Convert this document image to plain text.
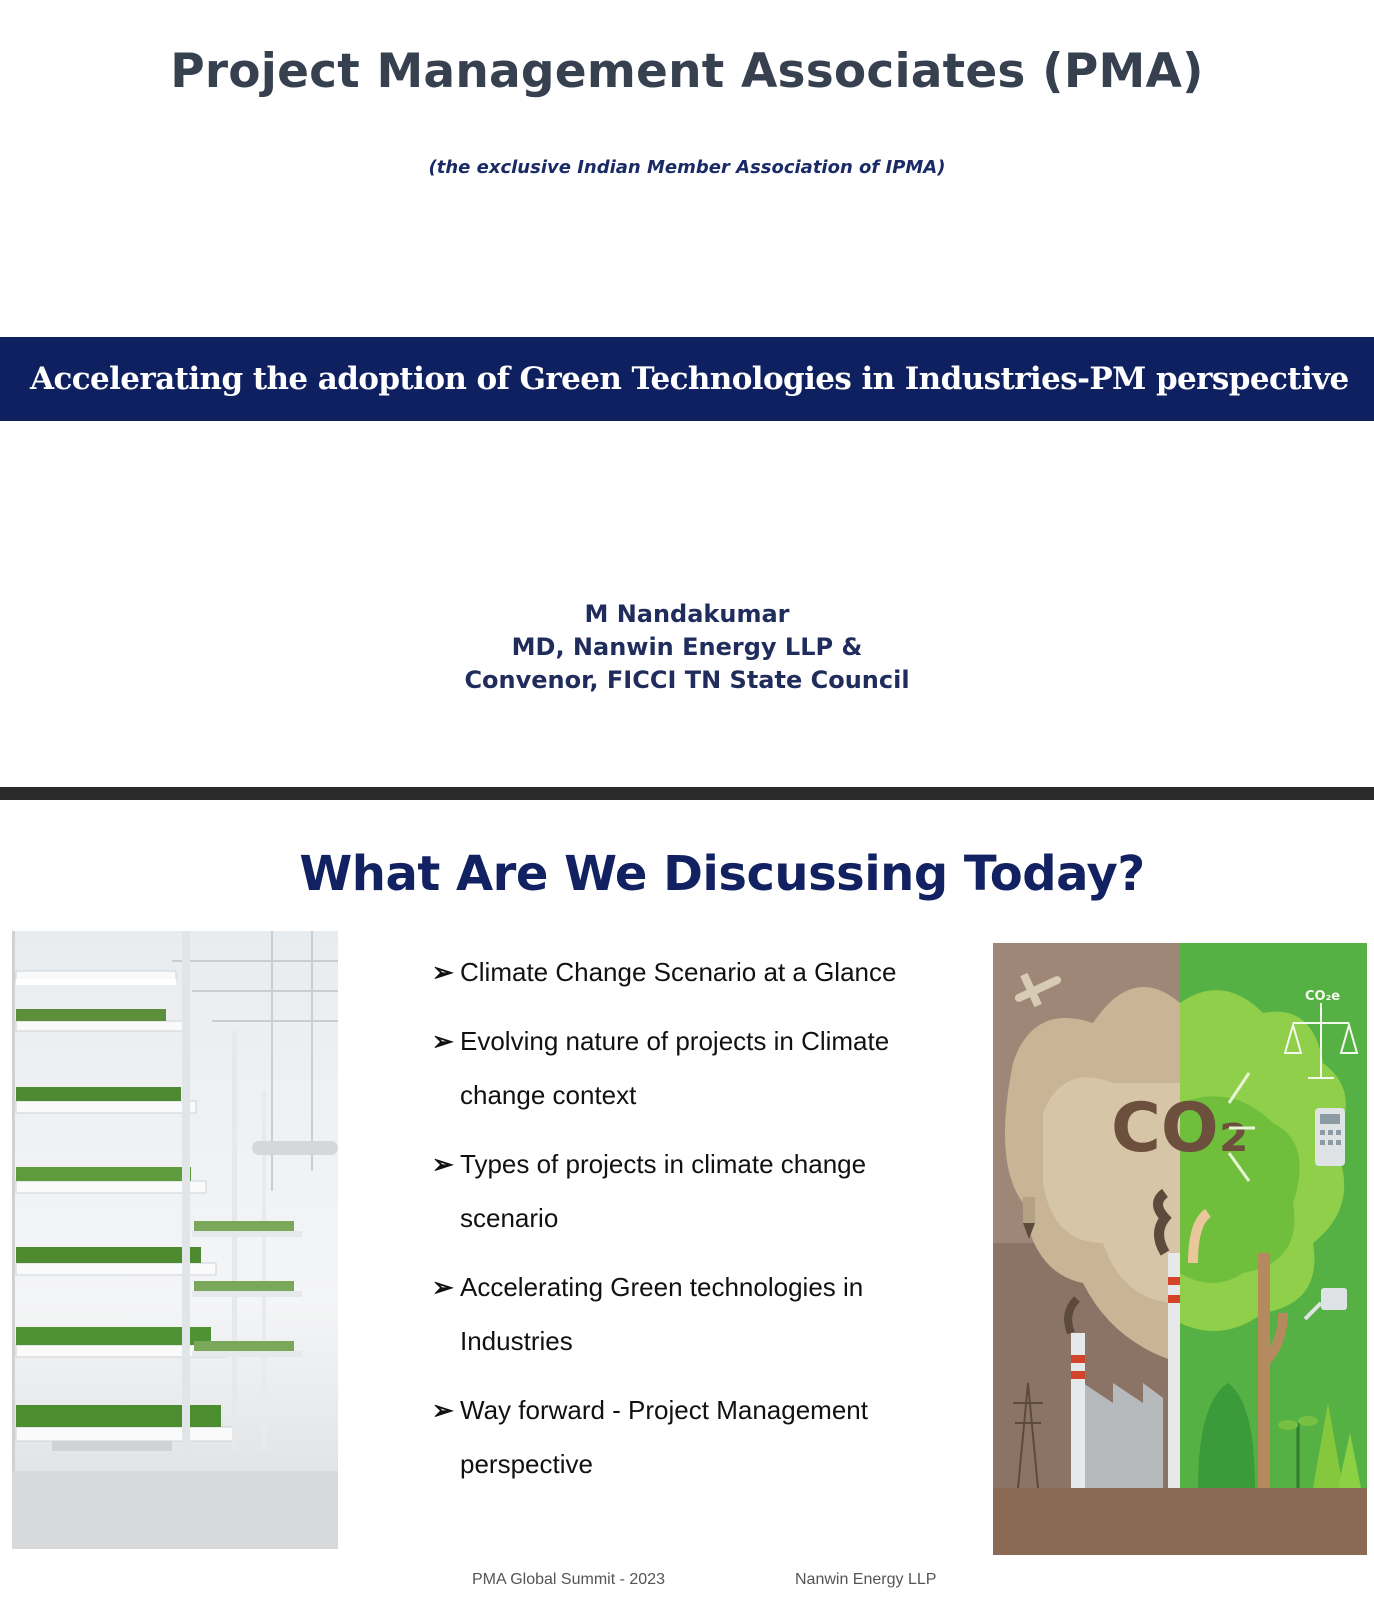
Project Management Associates (PMA)
(the exclusive Indian Member Association of IPMA)
Accelerating the adoption of Green Technologies in Industries-PM perspective
M Nandakumar
MD, Nanwin Energy LLP &
Convenor, FICCI TN State Council
What Are We Discussing Today?
➢ Climate Change Scenario at a Glance
➢ Evolving nature of projects in Climate change context
➢ Types of projects in climate change scenario
➢ Accelerating Green technologies in Industries
➢ Way forward - Project Management perspective
CO₂
CO₂e
PMA Global Summit - 2023	Nanwin Energy LLP
